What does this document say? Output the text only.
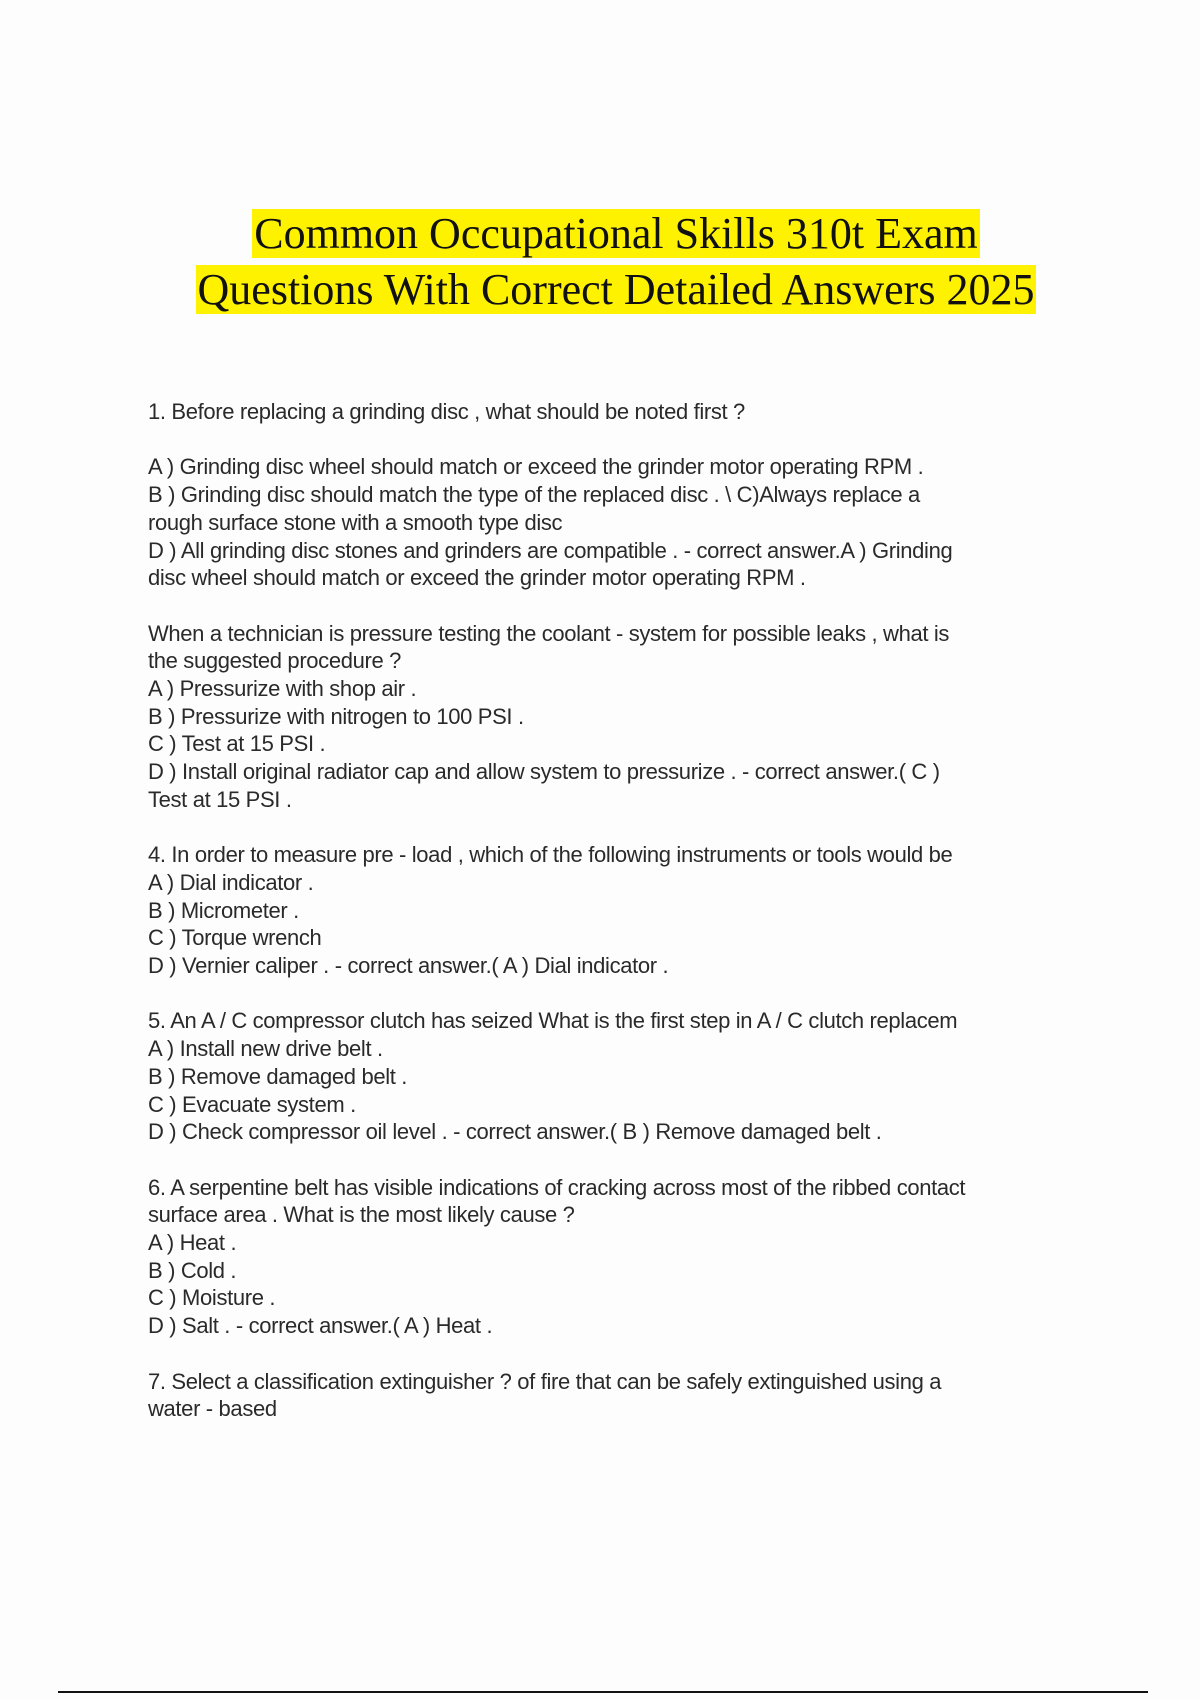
Common Occupational Skills 310t Exam
Questions With Correct Detailed Answers 2025
1. Before replacing a grinding disc , what should be noted first ?
A ) Grinding disc wheel should match or exceed the grinder motor operating RPM .
B ) Grinding disc should match the type of the replaced disc . \ C)Always replace a
rough surface stone with a smooth type disc
D ) All grinding disc stones and grinders are compatible . - correct answer.A ) Grinding
disc wheel should match or exceed the grinder motor operating RPM .
When a technician is pressure testing the coolant - system for possible leaks , what is
the suggested procedure ?
A ) Pressurize with shop air .
B ) Pressurize with nitrogen to 100 PSI .
C ) Test at 15 PSI .
D ) Install original radiator cap and allow system to pressurize . - correct answer.( C )
Test at 15 PSI .
4. In order to measure pre - load , which of the following instruments or tools would be
A ) Dial indicator .
B ) Micrometer .
C ) Torque wrench
D ) Vernier caliper . - correct answer.( A ) Dial indicator .
5. An A / C compressor clutch has seized What is the first step in A / C clutch replacem
A ) Install new drive belt .
B ) Remove damaged belt .
C ) Evacuate system .
D ) Check compressor oil level . - correct answer.( B ) Remove damaged belt .
6. A serpentine belt has visible indications of cracking across most of the ribbed contact
surface area . What is the most likely cause ?
A ) Heat .
B ) Cold .
C ) Moisture .
D ) Salt . - correct answer.( A ) Heat .
7. Select a classification extinguisher ? of fire that can be safely extinguished using a
water - based
